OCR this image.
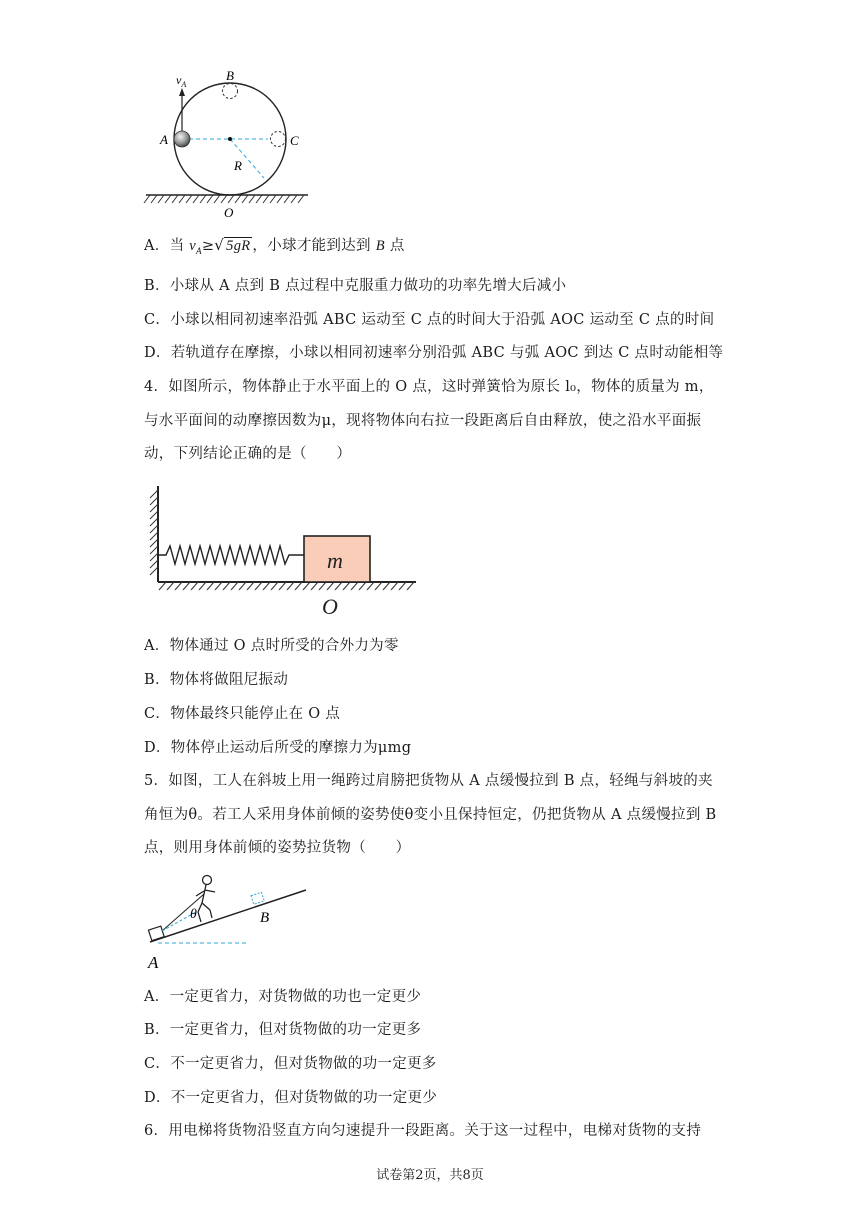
$v_A$
B
A	C
R
O
A．当 $v_A\ge√$ 5gR ，小球才能到达到 B 点
B．小球从 A 点到 B 点过程中克服重力做功的功率先增大后减小
C．小球以相同初速率沿弧 ABC 运动至 C 点的时间大于沿弧 AOC 运动至 C 点的时间
D．若轨道存在摩擦，小球以相同初速率分别沿弧 ABC 与弧 AOC 到达 C 点时动能相等
4．如图所示，物体静止于水平面上的 O 点，这时弹簧恰为原长 l₀，物体的质量为 m，
与水平面间的动摩擦因数为μ，现将物体向右拉一段距离后自由释放，使之沿水平面振
动，下列结论正确的是（　　）
m
O
A．物体通过 O 点时所受的合外力为零
B．物体将做阻尼振动
C．物体最终只能停止在 O 点
D．物体停止运动后所受的摩擦力为μmg
5．如图，工人在斜坡上用一绳跨过肩膀把货物从 A 点缓慢拉到 B 点，轻绳与斜坡的夹
角恒为θ。若工人采用身体前倾的姿势使θ变小且保持恒定，仍把货物从 A 点缓慢拉到 B
点，则用身体前倾的姿势拉货物（　　）
θ	B
A
A．一定更省力，对货物做的功也一定更少
B．一定更省力，但对货物做的功一定更多
C．不一定更省力，但对货物做的功一定更多
D．不一定更省力，但对货物做的功一定更少
6．用电梯将货物沿竖直方向匀速提升一段距离。关于这一过程中，电梯对货物的支持
试卷第2页，共8页
